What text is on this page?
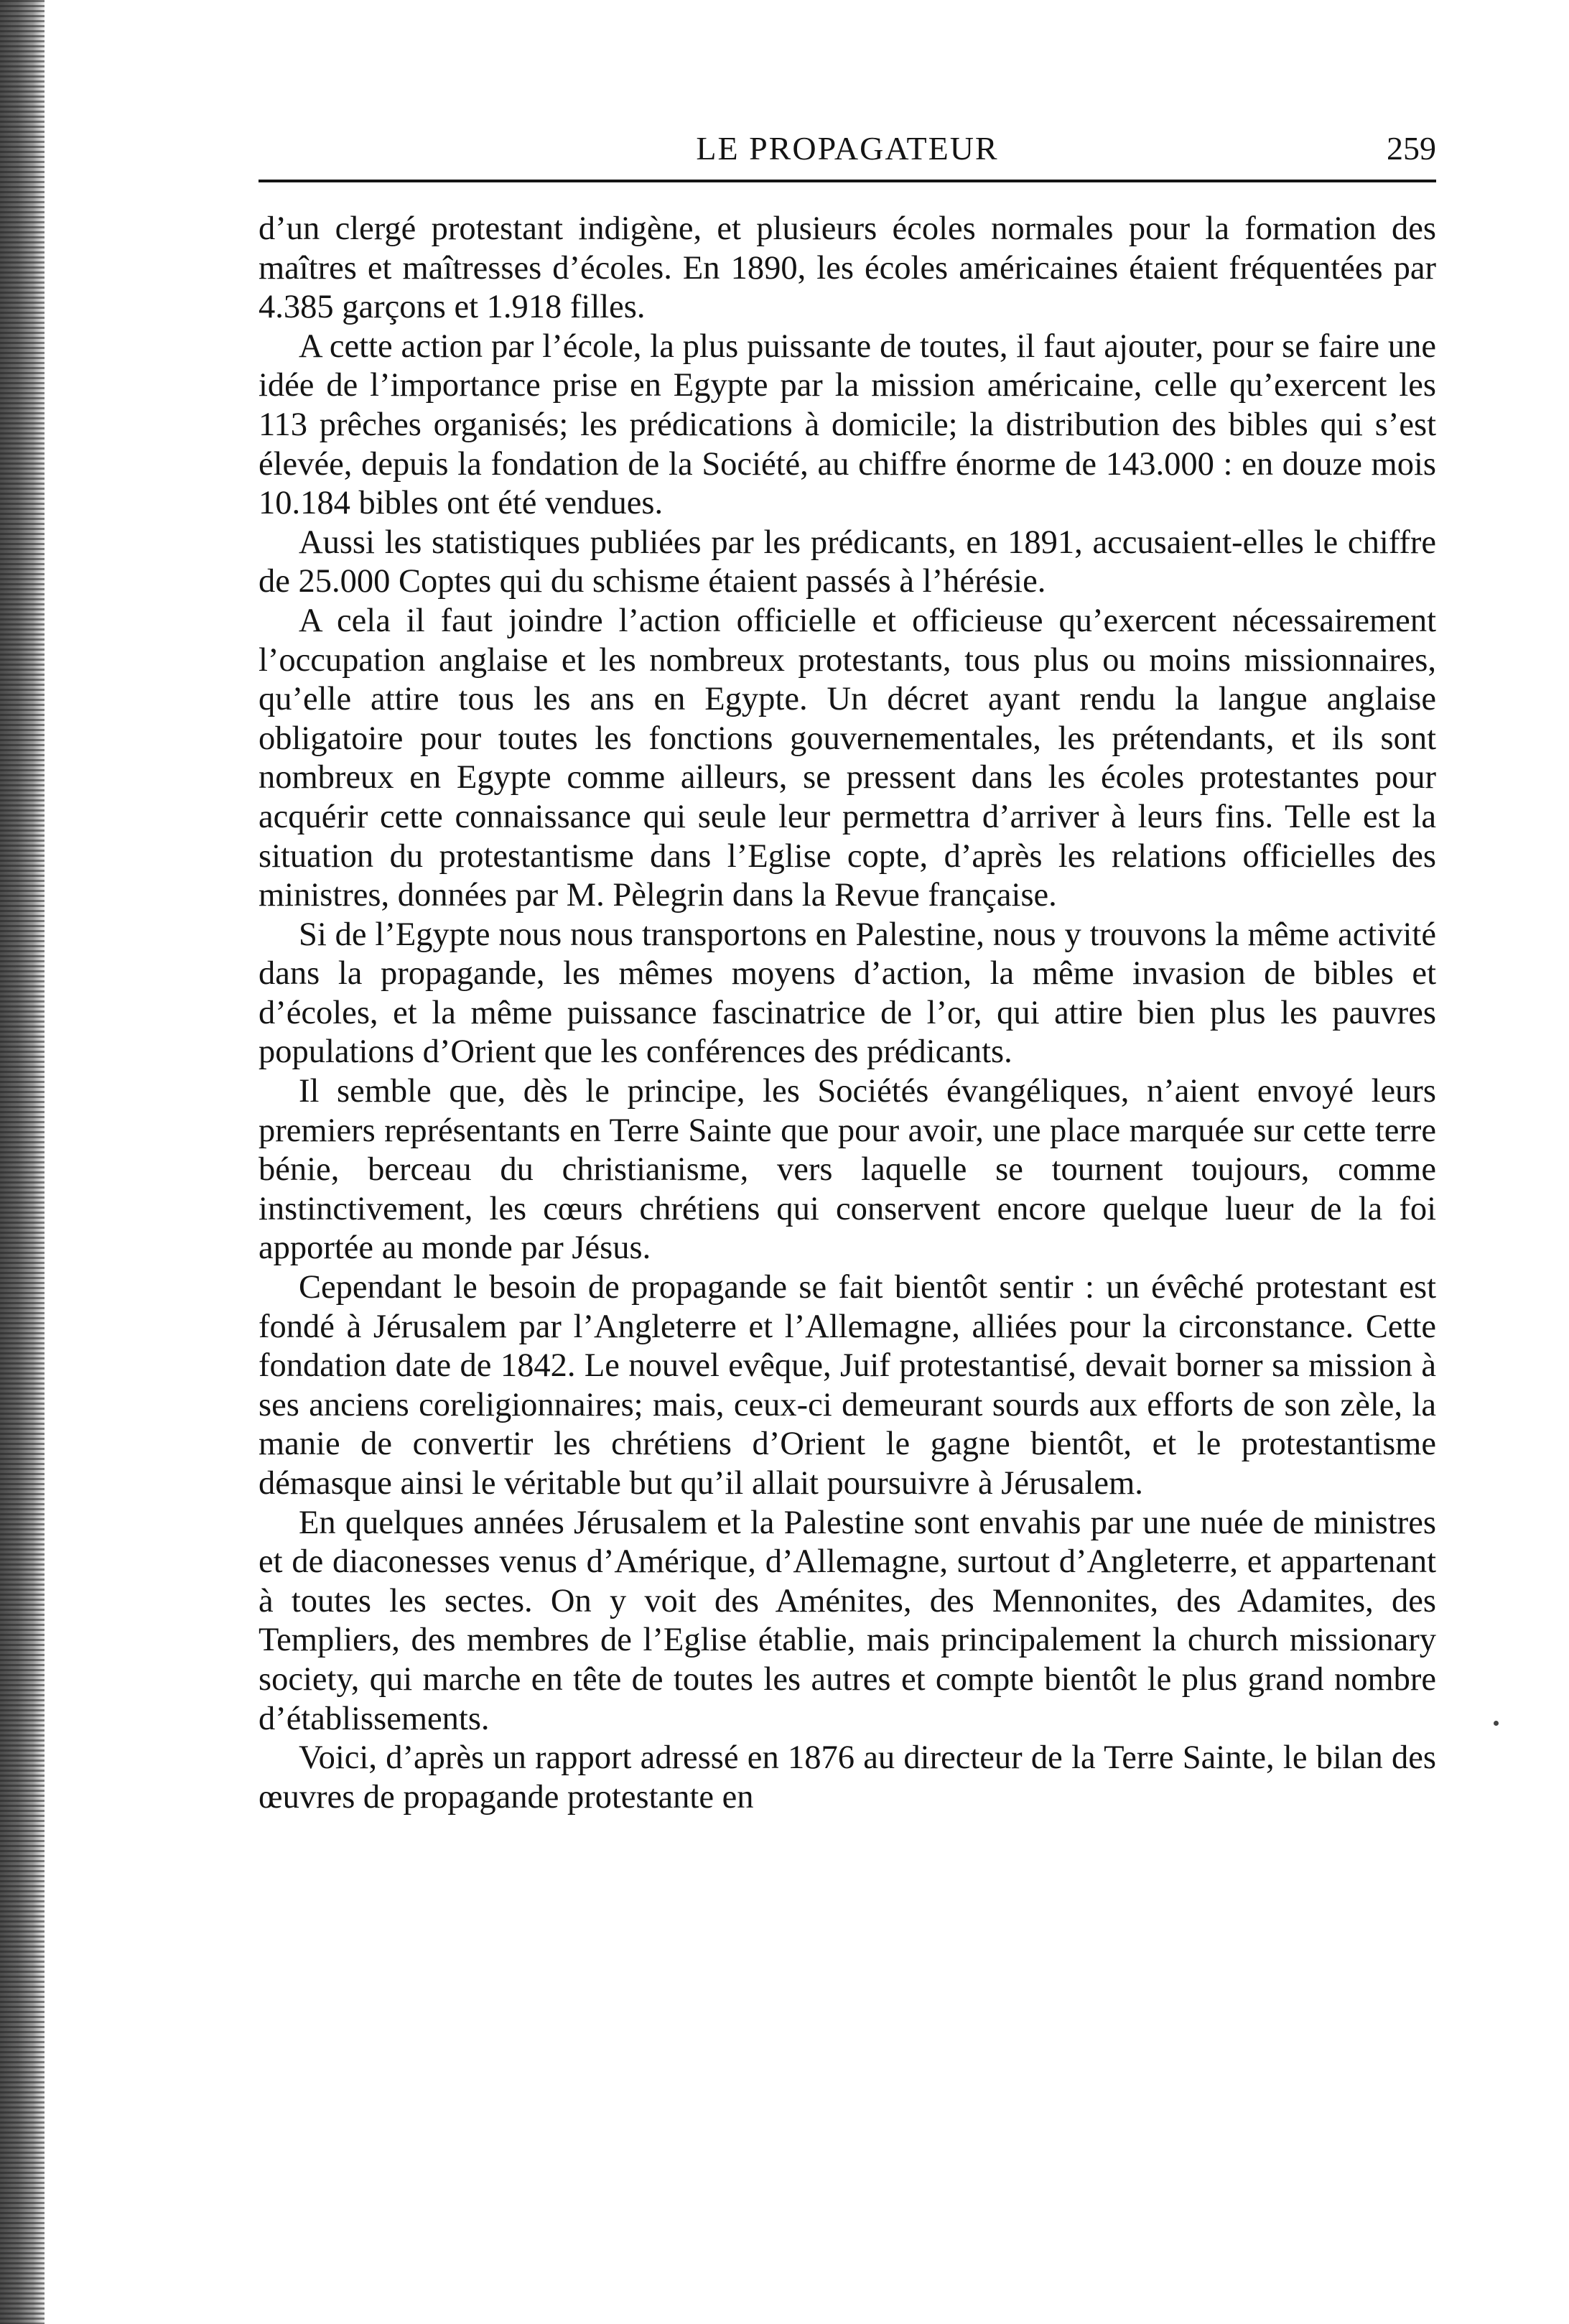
LE PROPAGATEUR	259

d’un clergé protestant indigène, et plusieurs écoles normales pour la formation des maîtres et maîtresses d’écoles. En 1890, les écoles américaines étaient fréquentées par 4.385 garçons et 1.918 filles.

A cette action par l’école, la plus puissante de toutes, il faut ajouter, pour se faire une idée de l’importance prise en Egypte par la mission américaine, celle qu’exercent les 113 prêches organisés; les prédications à domicile; la distribution des bibles qui s’est élevée, depuis la fondation de la Société, au chiffre énorme de 143.000 : en douze mois 10.184 bibles ont été vendues.

Aussi les statistiques publiées par les prédicants, en 1891, accusaient-elles le chiffre de 25.000 Coptes qui du schisme étaient passés à l’hérésie.

A cela il faut joindre l’action officielle et officieuse qu’exercent nécessairement l’occupation anglaise et les nombreux protestants, tous plus ou moins missionnaires, qu’elle attire tous les ans en Egypte. Un décret ayant rendu la langue anglaise obligatoire pour toutes les fonctions gouvernementales, les prétendants, et ils sont nombreux en Egypte comme ailleurs, se pressent dans les écoles protestantes pour acquérir cette connaissance qui seule leur permettra d’arriver à leurs fins. Telle est la situation du protestantisme dans l’Eglise copte, d’après les relations officielles des ministres, données par M. Pèlegrin dans la Revue française.

Si de l’Egypte nous nous transportons en Palestine, nous y trouvons la même activité dans la propagande, les mêmes moyens d’action, la même invasion de bibles et d’écoles, et la même puissance fascinatrice de l’or, qui attire bien plus les pauvres populations d’Orient que les conférences des prédicants.

Il semble que, dès le principe, les Sociétés évangéliques, n’aient envoyé leurs premiers représentants en Terre Sainte que pour avoir, une place marquée sur cette terre bénie, berceau du christianisme, vers laquelle se tournent toujours, comme instinctivement, les cœurs chrétiens qui conservent encore quelque lueur de la foi apportée au monde par Jésus.

Cependant le besoin de propagande se fait bientôt sentir : un évêché protestant est fondé à Jérusalem par l’Angleterre et l’Allemagne, alliées pour la circonstance. Cette fondation date de 1842. Le nouvel evêque, Juif protestantisé, devait borner sa mission à ses anciens coreligionnaires; mais, ceux-ci demeurant sourds aux efforts de son zèle, la manie de convertir les chrétiens d’Orient le gagne bientôt, et le protestantisme démasque ainsi le véritable but qu’il allait poursuivre à Jérusalem.

En quelques années Jérusalem et la Palestine sont envahis par une nuée de ministres et de diaconesses venus d’Amérique, d’Allemagne, surtout d’Angleterre, et appartenant à toutes les sectes. On y voit des Aménites, des Mennonites, des Adamites, des Templiers, des membres de l’Eglise établie, mais principalement la church missionary society, qui marche en tête de toutes les autres et compte bientôt le plus grand nombre d’établissements.

Voici, d’après un rapport adressé en 1876 au directeur de la Terre Sainte, le bilan des œuvres de propagande protestante en
